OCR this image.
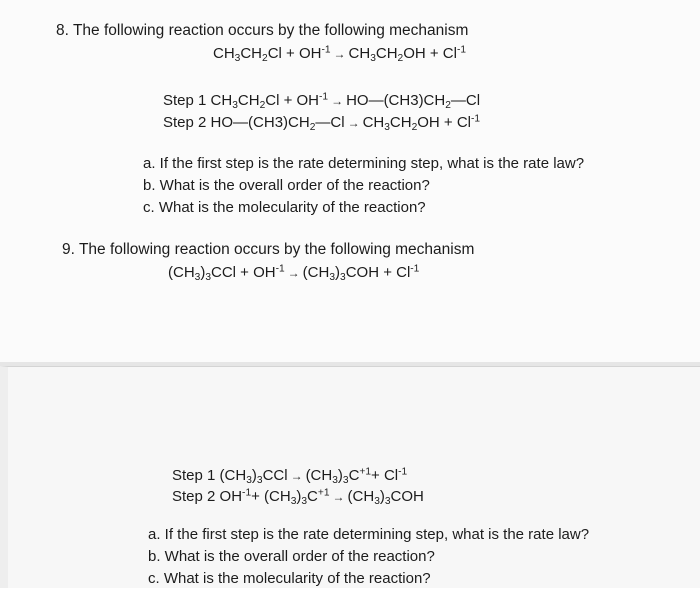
8. The following reaction occurs by the following mechanism
$CH_3CH_2Cl + OH^{-1} \to CH_3CH_2OH + Cl^{-1}$
Step 1 $CH_3CH_2Cl + OH^{-1}$ → $HO—(CH3)CH_2—Cl$
Step 2 $HO—(CH3)CH_2—Cl \to CH_3CH_2OH + Cl^{-1}$
a. If the first step is the rate determining step, what is the rate law?
b. What is the overall order of the reaction?
c. What is the molecularity of the reaction?
9. The following reaction occurs by the following mechanism
$(CH_3)_3CCl + OH^{-1} \to (CH_3)_3COH + Cl^{-1}$
Step 1 $(CH_3)_3CCl \to (CH_3)_3C^{+1}+ Cl^{-1}$
Step 2 $OH^{-1}+ (CH_3)_3C^{+1} \to (CH_3)_3COH$
a. If the first step is the rate determining step, what is the rate law?
b. What is the overall order of the reaction?
c. What is the molecularity of the reaction?
